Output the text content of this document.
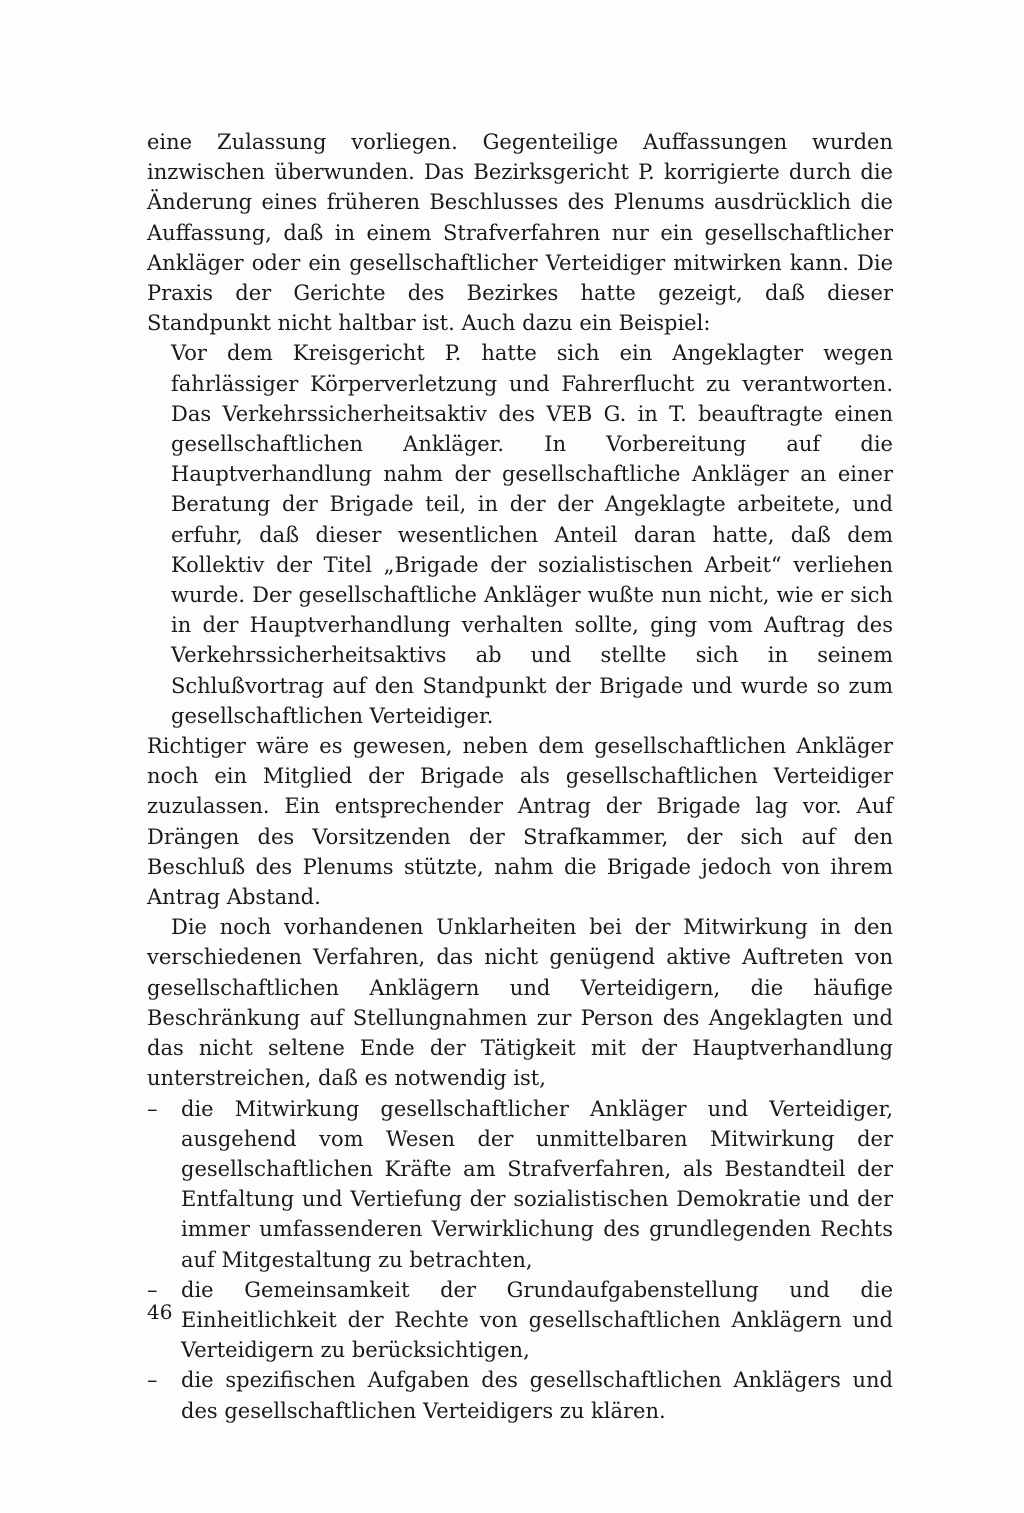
eine Zulassung vorliegen. Gegenteilige Auffassungen wurden inzwischen überwunden. Das Bezirksgericht P. korrigierte durch die Änderung eines früheren Beschlusses des Plenums ausdrücklich die Auffassung, daß in einem Strafverfahren nur ein gesellschaftlicher Ankläger oder ein gesellschaftlicher Verteidiger mitwirken kann. Die Praxis der Gerichte des Bezirkes hatte gezeigt, daß dieser Standpunkt nicht haltbar ist. Auch dazu ein Beispiel:

Vor dem Kreisgericht P. hatte sich ein Angeklagter wegen fahrlässiger Körperverletzung und Fahrerflucht zu verantworten. Das Verkehrssicherheitsaktiv des VEB G. in T. beauftragte einen gesellschaftlichen Ankläger. In Vorbereitung auf die Hauptverhandlung nahm der gesellschaftliche Ankläger an einer Beratung der Brigade teil, in der der Angeklagte arbeitete, und erfuhr, daß dieser wesentlichen Anteil daran hatte, daß dem Kollektiv der Titel „Brigade der sozialistischen Arbeit“ verliehen wurde. Der gesellschaftliche Ankläger wußte nun nicht, wie er sich in der Hauptverhandlung verhalten sollte, ging vom Auftrag des Verkehrssicherheitsaktivs ab und stellte sich in seinem Schlußvortrag auf den Standpunkt der Brigade und wurde so zum gesellschaftlichen Verteidiger.

Richtiger wäre es gewesen, neben dem gesellschaftlichen Ankläger noch ein Mitglied der Brigade als gesellschaftlichen Verteidiger zuzulassen. Ein entsprechender Antrag der Brigade lag vor. Auf Drängen des Vorsitzenden der Strafkammer, der sich auf den Beschluß des Plenums stützte, nahm die Brigade jedoch von ihrem Antrag Abstand.

Die noch vorhandenen Unklarheiten bei der Mitwirkung in den verschiedenen Verfahren, das nicht genügend aktive Auftreten von gesellschaftlichen Anklägern und Verteidigern, die häufige Beschränkung auf Stellungnahmen zur Person des Angeklagten und das nicht seltene Ende der Tätigkeit mit der Hauptverhandlung unterstreichen, daß es notwendig ist,

– die Mitwirkung gesellschaftlicher Ankläger und Verteidiger, ausgehend vom Wesen der unmittelbaren Mitwirkung der gesellschaftlichen Kräfte am Strafverfahren, als Bestandteil der Entfaltung und Vertiefung der sozialistischen Demokratie und der immer umfassenderen Verwirklichung des grundlegenden Rechts auf Mitgestaltung zu betrachten,
– die Gemeinsamkeit der Grundaufgabenstellung und die Einheitlichkeit der Rechte von gesellschaftlichen Anklägern und Verteidigern zu berücksichtigen,
– die spezifischen Aufgaben des gesellschaftlichen Anklägers und des gesellschaftlichen Verteidigers zu klären.
46
